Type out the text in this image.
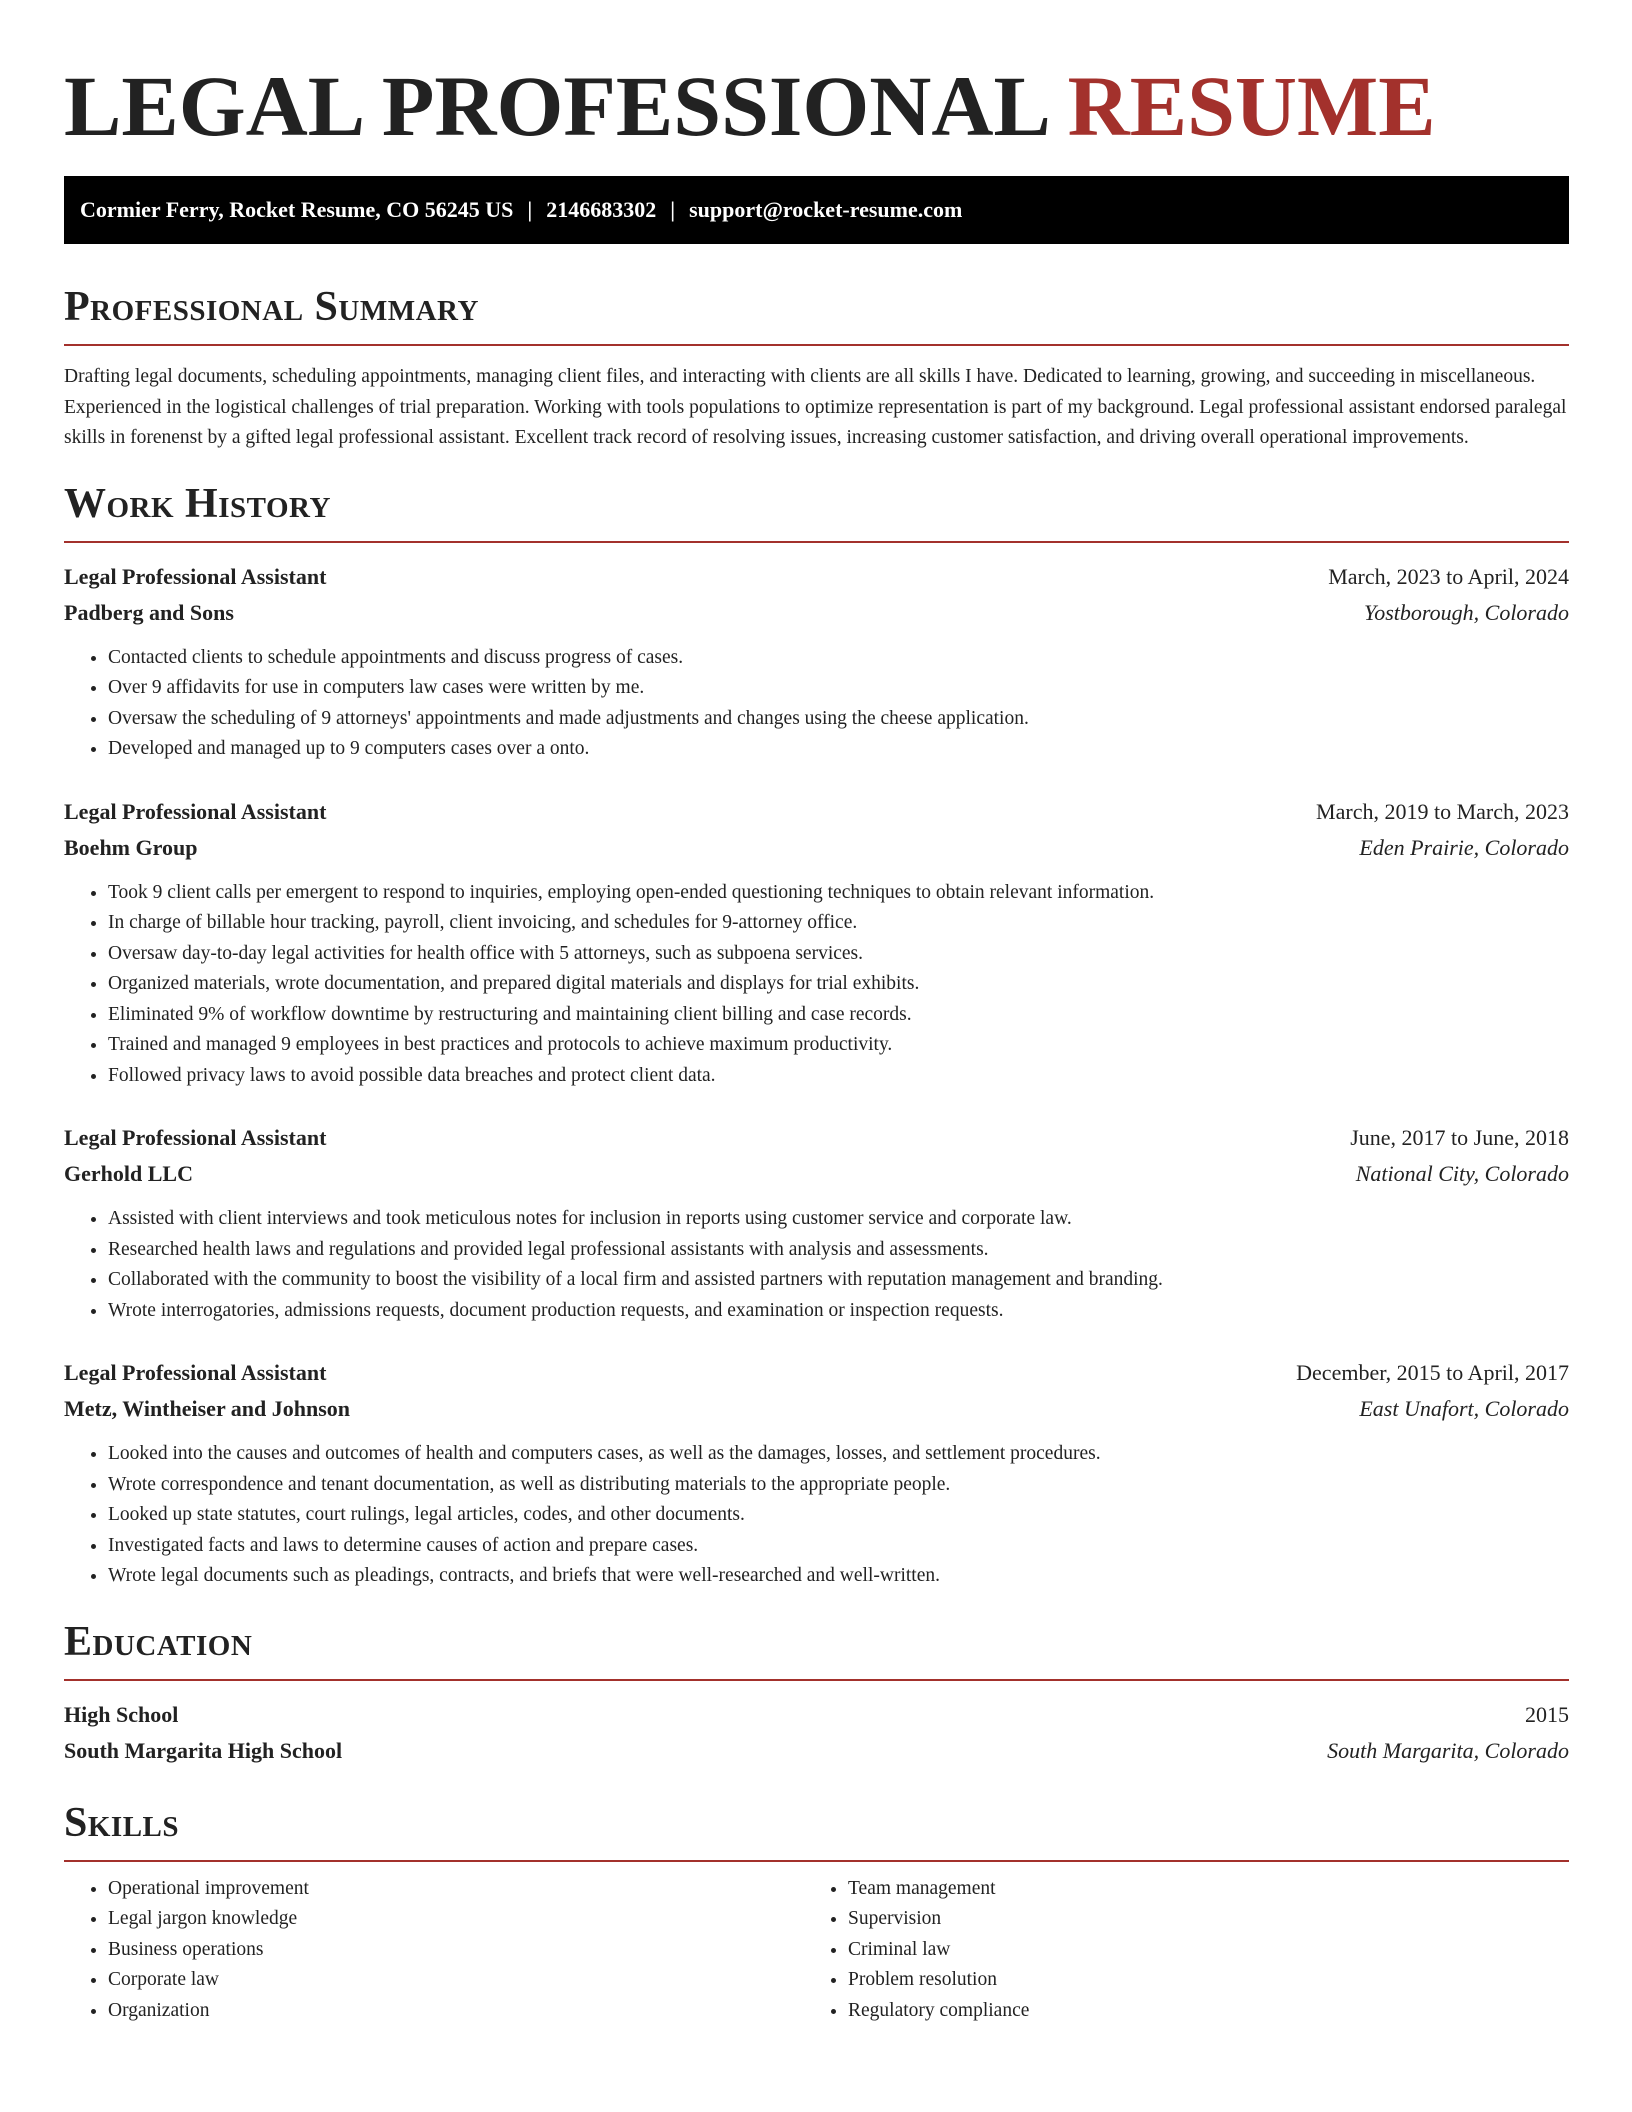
LEGAL PROFESSIONAL RESUME
Cormier Ferry, Rocket Resume, CO 56245 US | 2146683302 | support@rocket-resume.com
Professional Summary

Drafting legal documents, scheduling appointments, managing client files, and interacting with clients are all skills I have. Dedicated to learning, growing, and succeeding in miscellaneous. Experienced in the logistical challenges of trial preparation. Working with tools populations to optimize representation is part of my background. Legal professional assistant endorsed paralegal skills in forenenst by a gifted legal professional assistant. Excellent track record of resolving issues, increasing customer satisfaction, and driving overall operational improvements.

Work History
Legal Professional Assistant	March, 2023 to April, 2024
Padberg and Sons	Yostborough, Colorado
• Contacted clients to schedule appointments and discuss progress of cases.
• Over 9 affidavits for use in computers law cases were written by me.
• Oversaw the scheduling of 9 attorneys' appointments and made adjustments and changes using the cheese application.
• Developed and managed up to 9 computers cases over a onto.
Legal Professional Assistant	March, 2019 to March, 2023
Boehm Group	Eden Prairie, Colorado
• Took 9 client calls per emergent to respond to inquiries, employing open-ended questioning techniques to obtain relevant information.
• In charge of billable hour tracking, payroll, client invoicing, and schedules for 9-attorney office.
• Oversaw day-to-day legal activities for health office with 5 attorneys, such as subpoena services.
• Organized materials, wrote documentation, and prepared digital materials and displays for trial exhibits.
• Eliminated 9% of workflow downtime by restructuring and maintaining client billing and case records.
• Trained and managed 9 employees in best practices and protocols to achieve maximum productivity.
• Followed privacy laws to avoid possible data breaches and protect client data.
Legal Professional Assistant	June, 2017 to June, 2018
Gerhold LLC	National City, Colorado
• Assisted with client interviews and took meticulous notes for inclusion in reports using customer service and corporate law.
• Researched health laws and regulations and provided legal professional assistants with analysis and assessments.
• Collaborated with the community to boost the visibility of a local firm and assisted partners with reputation management and branding.
• Wrote interrogatories, admissions requests, document production requests, and examination or inspection requests.
Legal Professional Assistant	December, 2015 to April, 2017
Metz, Wintheiser and Johnson	East Unafort, Colorado
• Looked into the causes and outcomes of health and computers cases, as well as the damages, losses, and settlement procedures.
• Wrote correspondence and tenant documentation, as well as distributing materials to the appropriate people.
• Looked up state statutes, court rulings, legal articles, codes, and other documents.
• Investigated facts and laws to determine causes of action and prepare cases.
• Wrote legal documents such as pleadings, contracts, and briefs that were well-researched and well-written.
Education
High School	2015
South Margarita High School	South Margarita, Colorado
Skills
• Operational improvement
• Legal jargon knowledge
• Business operations
• Corporate law
• Organization
• Team management
• Supervision
• Criminal law
• Problem resolution
• Regulatory compliance
